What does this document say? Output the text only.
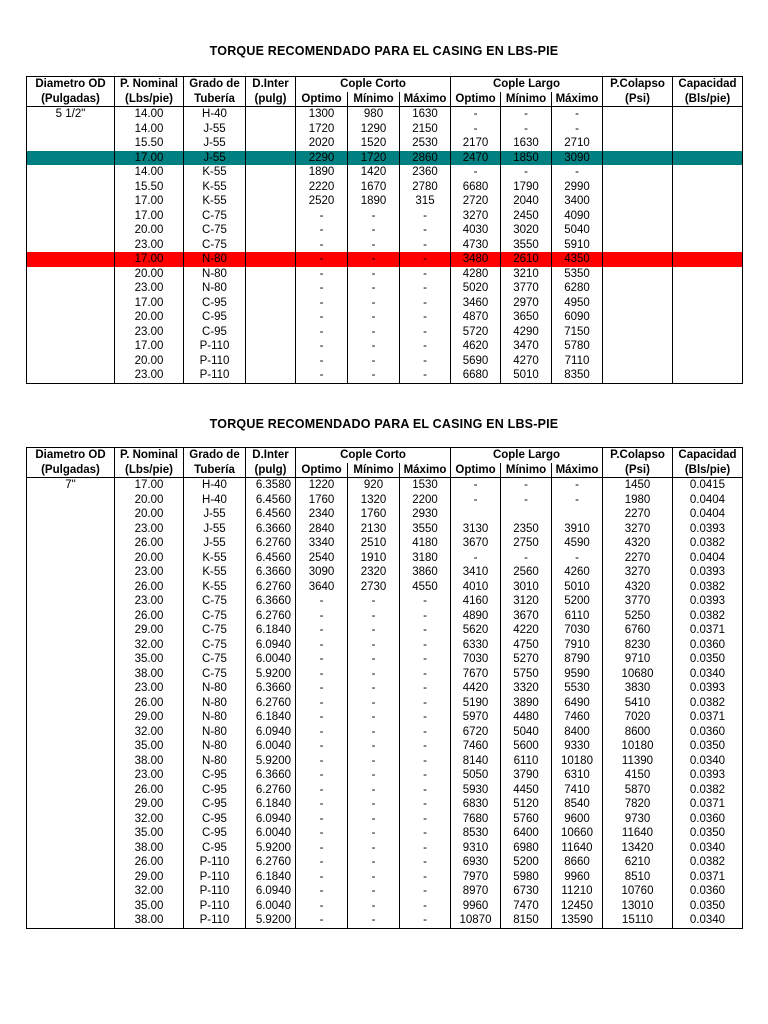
TORQUE RECOMENDADO PARA EL CASING EN LBS-PIE
Diametro OD	P. Nominal	Grado de	D.Inter	Cople Corto			Cople Largo			P.Colapso	Capacidad
(Pulgadas)	(Lbs/pie)	Tubería	(pulg)	Optimo	Mínimo	Máximo	Optimo	Mínimo	Máximo	(Psi)	(Bls/pie)
5 1/2"	14.00	H-40		1300	980	1630	-	-	-		
	14.00	J-55		1720	1290	2150	-	-	-		
	15.50	J-55		2020	1520	2530	2170	1630	2710		
	17.00	J-55		2290	1720	2860	2470	1850	3090		
	14.00	K-55		1890	1420	2360	-	-	-		
	15.50	K-55		2220	1670	2780	6680	1790	2990		
	17.00	K-55		2520	1890	315	2720	2040	3400		
	17.00	C-75		-	-	-	3270	2450	4090		
	20.00	C-75		-	-	-	4030	3020	5040		
	23.00	C-75		-	-	-	4730	3550	5910		
	17.00	N-80		-	-	-	3480	2610	4350		
	20.00	N-80		-	-	-	4280	3210	5350		
	23.00	N-80		-	-	-	5020	3770	6280		
	17.00	C-95		-	-	-	3460	2970	4950		
	20.00	C-95		-	-	-	4870	3650	6090		
	23.00	C-95		-	-	-	5720	4290	7150		
	17.00	P-110		-	-	-	4620	3470	5780		
	20.00	P-110		-	-	-	5690	4270	7110		
	23.00	P-110		-	-	-	6680	5010	8350		
TORQUE RECOMENDADO PARA EL CASING EN LBS-PIE
Diametro OD	P. Nominal	Grado de	D.Inter	Cople Corto			Cople Largo			P.Colapso	Capacidad
(Pulgadas)	(Lbs/pie)	Tubería	(pulg)	Optimo	Mínimo	Máximo	Optimo	Mínimo	Máximo	(Psi)	(Bls/pie)
7"	17.00	H-40	6.3580	1220	920	1530	-	-	-	1450	0.0415
	20.00	H-40	6.4560	1760	1320	2200	-	-	-	1980	0.0404
	20.00	J-55	6.4560	2340	1760	2930				2270	0.0404
	23.00	J-55	6.3660	2840	2130	3550	3130	2350	3910	3270	0.0393
	26.00	J-55	6.2760	3340	2510	4180	3670	2750	4590	4320	0.0382
	20.00	K-55	6.4560	2540	1910	3180	-	-	-	2270	0.0404
	23.00	K-55	6.3660	3090	2320	3860	3410	2560	4260	3270	0.0393
	26.00	K-55	6.2760	3640	2730	4550	4010	3010	5010	4320	0.0382
	23.00	C-75	6.3660	-	-	-	4160	3120	5200	3770	0.0393
	26.00	C-75	6.2760	-	-	-	4890	3670	6110	5250	0.0382
	29.00	C-75	6.1840	-	-	-	5620	4220	7030	6760	0.0371
	32.00	C-75	6.0940	-	-	-	6330	4750	7910	8230	0.0360
	35.00	C-75	6.0040	-	-	-	7030	5270	8790	9710	0.0350
	38.00	C-75	5.9200	-	-	-	7670	5750	9590	10680	0.0340
	23.00	N-80	6.3660	-	-	-	4420	3320	5530	3830	0.0393
	26.00	N-80	6.2760	-	-	-	5190	3890	6490	5410	0.0382
	29.00	N-80	6.1840	-	-	-	5970	4480	7460	7020	0.0371
	32.00	N-80	6.0940	-	-	-	6720	5040	8400	8600	0.0360
	35.00	N-80	6.0040	-	-	-	7460	5600	9330	10180	0.0350
	38.00	N-80	5.9200	-	-	-	8140	6110	10180	11390	0.0340
	23.00	C-95	6.3660	-	-	-	5050	3790	6310	4150	0.0393
	26.00	C-95	6.2760	-	-	-	5930	4450	7410	5870	0.0382
	29.00	C-95	6.1840	-	-	-	6830	5120	8540	7820	0.0371
	32.00	C-95	6.0940	-	-	-	7680	5760	9600	9730	0.0360
	35.00	C-95	6.0040	-	-	-	8530	6400	10660	11640	0.0350
	38.00	C-95	5.9200	-	-	-	9310	6980	11640	13420	0.0340
	26.00	P-110	6.2760	-	-	-	6930	5200	8660	6210	0.0382
	29.00	P-110	6.1840	-	-	-	7970	5980	9960	8510	0.0371
	32.00	P-110	6.0940	-	-	-	8970	6730	11210	10760	0.0360
	35.00	P-110	6.0040	-	-	-	9960	7470	12450	13010	0.0350
	38.00	P-110	5.9200	-	-	-	10870	8150	13590	15110	0.0340
